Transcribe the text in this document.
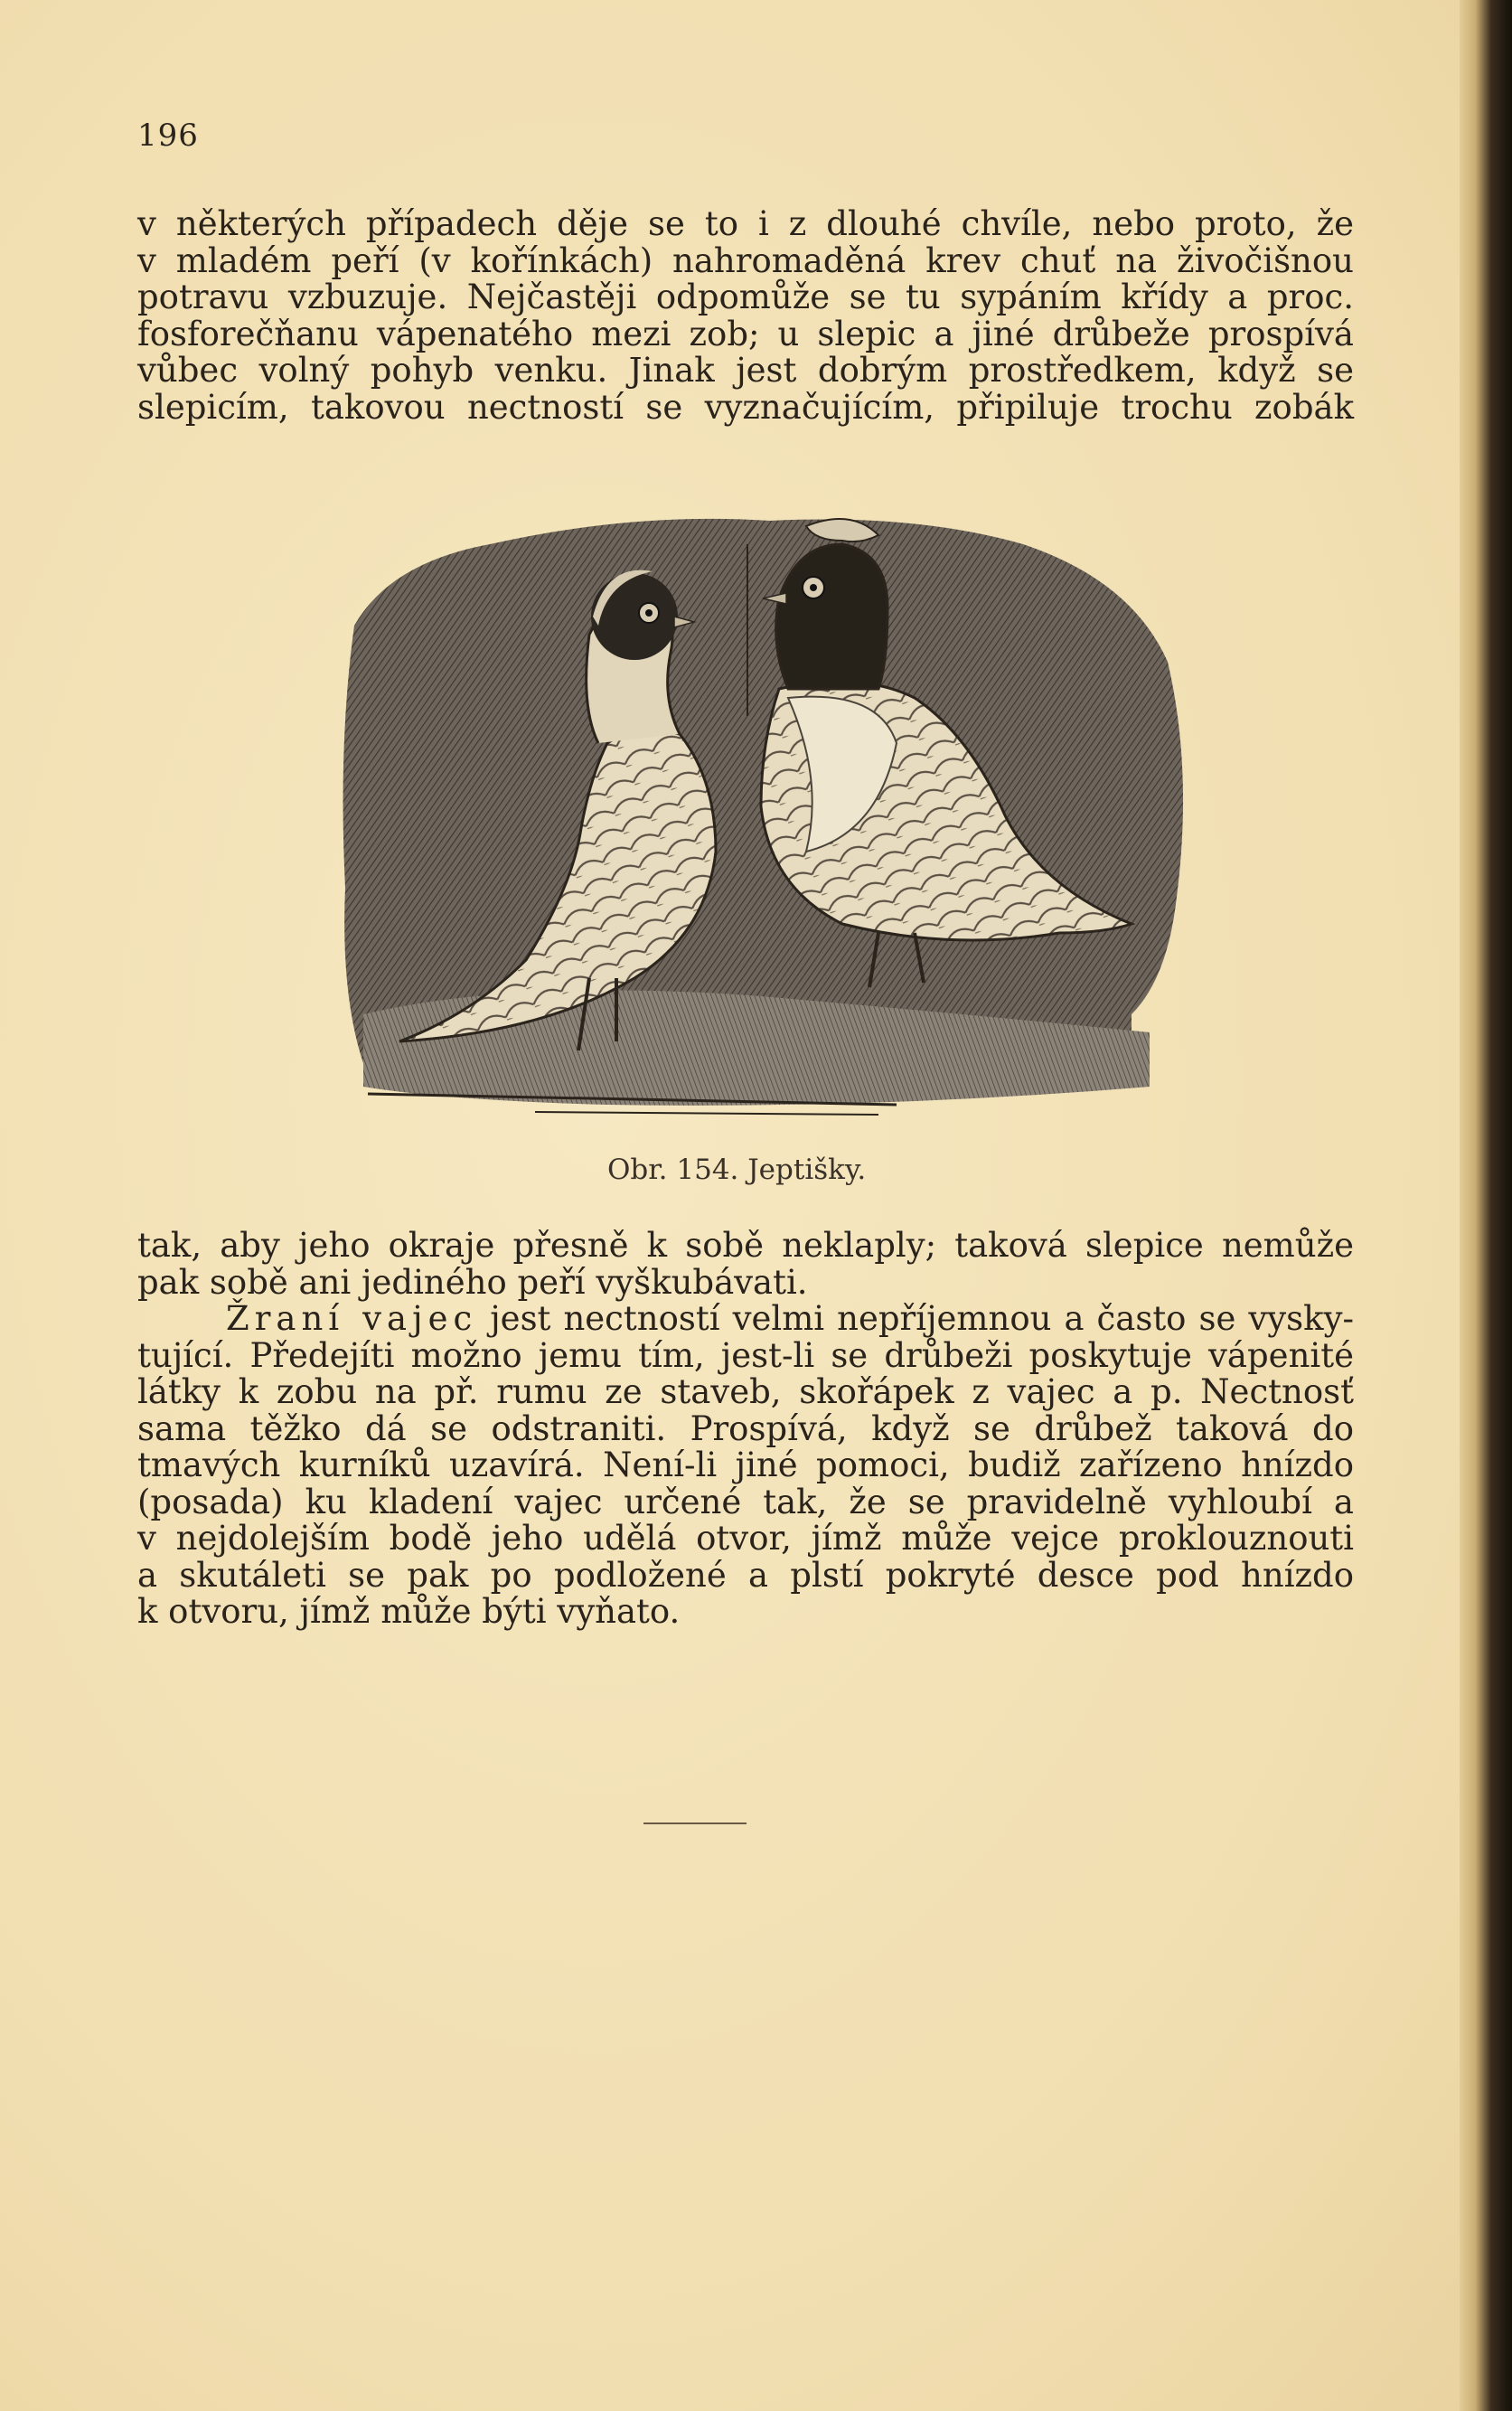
196

v některých případech děje se to i z dlouhé chvíle, nebo proto, že
v mladém peří (v kořínkách) nahromaděná krev chuť na živočišnou
potravu vzbuzuje. Nejčastěji odpomůže se tu sypáním křídy a proc.
fosforečňanu vápenatého mezi zob; u slepic a jiné drůbeže prospívá
vůbec volný pohyb venku. Jinak jest dobrým prostředkem, když se
slepicím, takovou nectností se vyznačujícím, připiluje trochu zobák

Obr. 154. Jeptišky.

tak, aby jeho okraje přesně k sobě neklaply; taková slepice nemůže
pak sobě ani jediného peří vyškubávati.

Žraní vajec jest nectností velmi nepříjemnou a často se vysky-
tující. Předejíti možno jemu tím, jest-li se drůbeži poskytuje vápenité
látky k zobu na př. rumu ze staveb, skořápek z vajec a p. Nectnosť
sama těžko dá se odstraniti. Prospívá, když se drůbež taková do
tmavých kurníků uzavírá. Není-li jiné pomoci, budiž zařízeno hnízdo
(posada) ku kladení vajec určené tak, že se pravidelně vyhloubí a
v nejdolejším bodě jeho udělá otvor, jímž může vejce proklouznouti
a skutáleti se pak po podložené a plstí pokryté desce pod hnízdo
k otvoru, jímž může býti vyňato.
